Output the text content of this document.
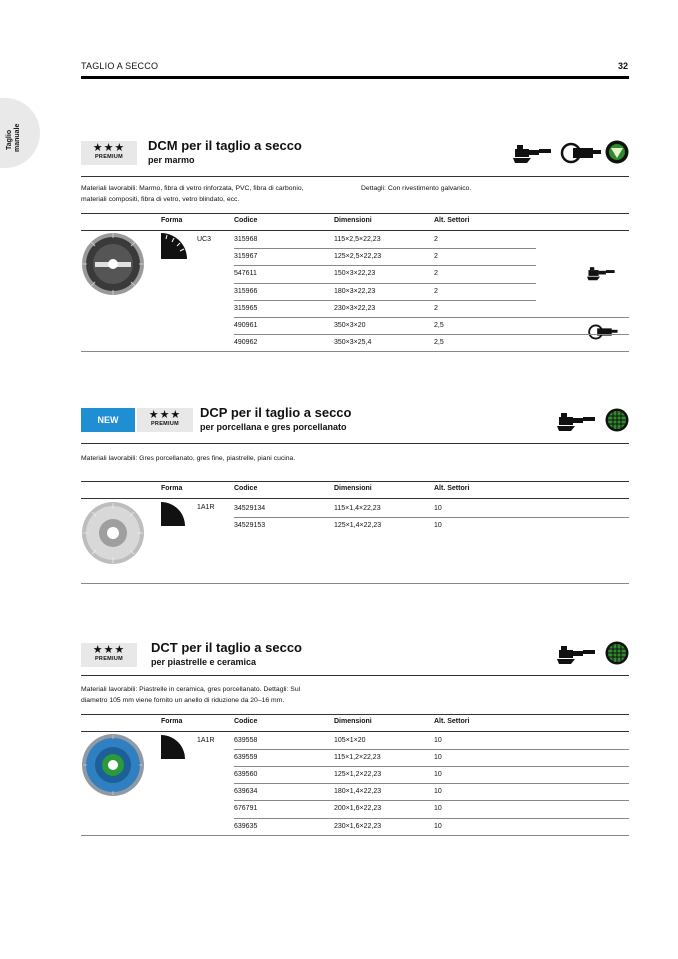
Taglio manuale
TAGLIO A SECCO	32
★★★
PREMIUM
DCM per il taglio a secco
per marmo
Materiali lavorabili: Marmo, fibra di vetro rinforzata, PVC, fibra di carbonio,
materiali compositi, fibra di vetro, vetro blindato, ecc.
Dettagli: Con rivestimento galvanico.
Forma	Codice	Dimensioni	Alt. Settori
UC3	315968	115×2,5×22,23	2
315967	125×2,5×22,23	2
547611	150×3×22,23	2
315966	180×3×22,23	2
315965	230×3×22,23	2
490961	350×3×20	2,5
490962	350×3×25,4	2,5
NEW	★★★
PREMIUM
DCP per il taglio a secco
per porcellana e gres porcellanato
Materiali lavorabili: Gres porcellanato, gres fine, piastrelle, piani cucina.
Forma	Codice	Dimensioni	Alt. Settori
1A1R	34529134	115×1,4×22,23	10
34529153	125×1,4×22,23	10
★★★
PREMIUM
DCT per il taglio a secco
per piastrelle e ceramica
Materiali lavorabili: Piastrelle in ceramica, gres porcellanato. Dettagli: Sul
diametro 105 mm viene fornito un anello di riduzione da 20–16 mm.
Forma	Codice	Dimensioni	Alt. Settori
1A1R	639558	105×1×20	10
639559	115×1,2×22,23	10
639560	125×1,2×22,23	10
639634	180×1,4×22,23	10
676791	200×1,6×22,23	10
639635	230×1,6×22,23	10
